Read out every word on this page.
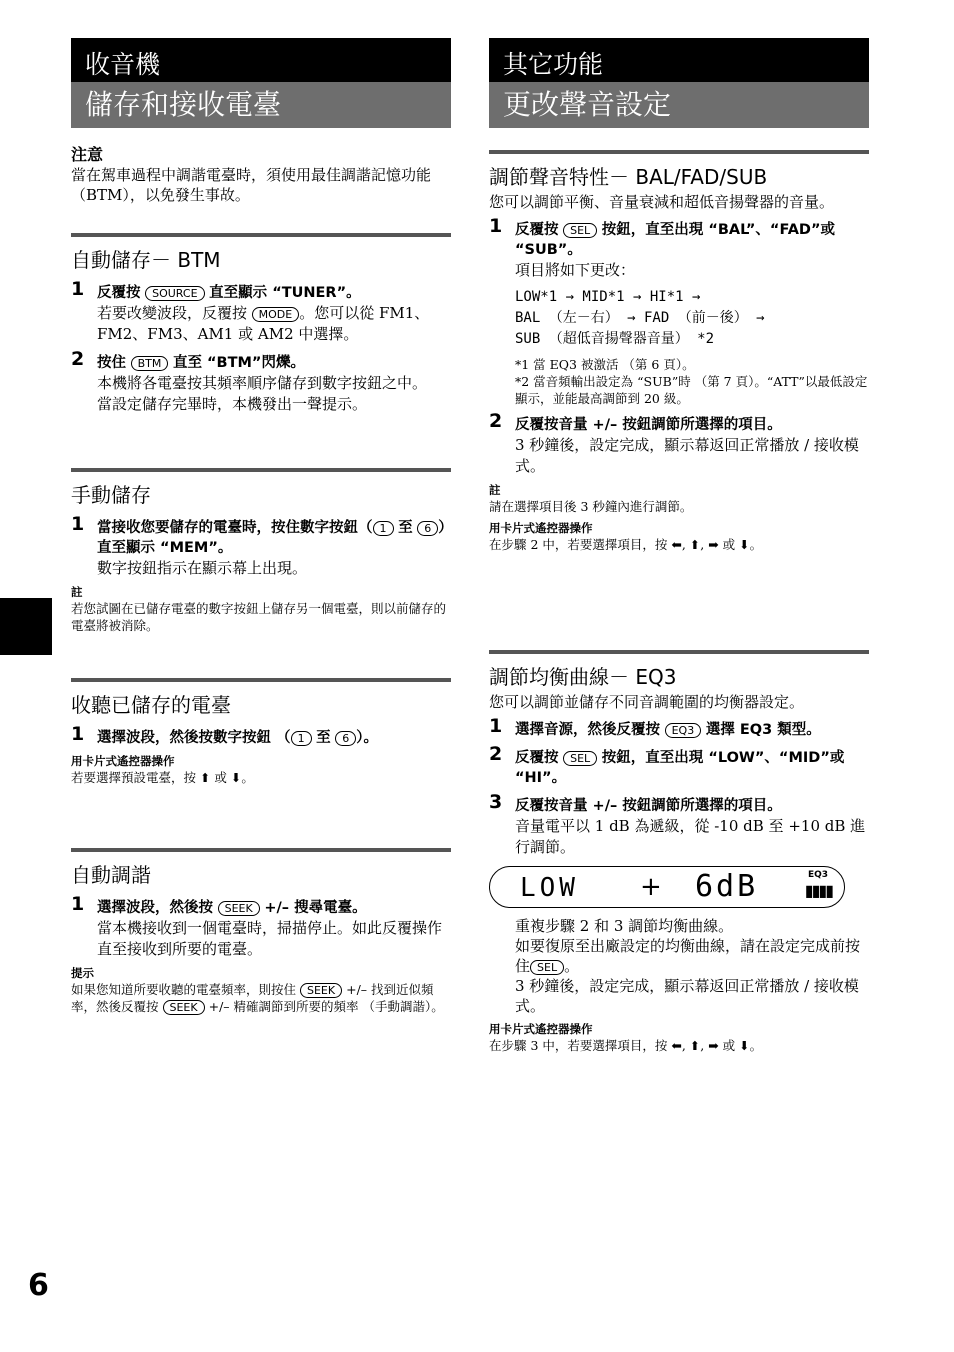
收音機
儲存和接收電臺
注意
當在駕車過程中調諧電臺時，須使用最佳調諧記憶功能 （BTM），以免發生事故。
自動儲存－ BTM
1 反覆按 SOURCE 直至顯示 “TUNER”。
若要改變波段，反覆按 MODE 。您可以從 FM1、FM2、FM3、AM1 或 AM2 中選擇。
2 按住 BTM 直至 “BTM”閃爍。
本機將各電臺按其頻率順序儲存到數字按鈕之中。
當設定儲存完畢時，本機發出一聲提示。
手動儲存
1 當接收您要儲存的電臺時，按住數字按鈕（ 1 至 6 ）直至顯示 “MEM”。
數字按鈕指示在顯示幕上出現。
註
若您試圖在已儲存電臺的數字按鈕上儲存另一個電臺，則以前儲存的電臺將被消除。
收聽已儲存的電臺
1 選擇波段，然後按數字按鈕 （ 1 至 6 ）。
用卡片式遙控器操作
若要選擇預設電臺，按 ⬆ 或 ⬇。
自動調諧
1 選擇波段，然後按 SEEK +/– 搜尋電臺。
當本機接收到一個電臺時，掃描停止。如此反覆操作直至接收到所要的電臺。
提示
如果您知道所要收聽的電臺頻率，則按住 SEEK +/– 找到近似頻率，然後反覆按 SEEK +/– 精確調節到所要的頻率 （手動調諧）。
其它功能
更改聲音設定
調節聲音特性－ BAL/FAD/SUB
您可以調節平衡、音量衰減和超低音揚聲器的音量。
1 反覆按 SEL 按鈕，直至出現 “BAL”、“FAD”或 “SUB”。
項目將如下更改：
LOW*1 → MID*1 → HI*1 →
BAL （左－右） → FAD （前－後） →
SUB （超低音揚聲器音量） *2
*1 當 EQ3 被激活 （第 6 頁）。
*2 當音頻輸出設定為 “SUB”時 （第 7 頁）。“ATT”以最低設定顯示，並能最高調節到 20 級。
2 反覆按音量 +/– 按鈕調節所選擇的項目。
3 秒鐘後，設定完成，顯示幕返回正常播放 / 接收模式。
註
請在選擇項目後 3 秒鐘內進行調節。
用卡片式遙控器操作
在步驟 2 中，若要選擇項目，按 ⬅, ⬆, ➡ 或 ⬇。
調節均衡曲線－ EQ3
您可以調節並儲存不同音調範圍的均衡器設定。
1 選擇音源，然後反覆按 EQ3 選擇 EQ3 類型。
2 反覆按 SEL 按鈕，直至出現 “LOW”、“MID”或 “HI”。
3 反覆按音量 +/– 按鈕調節所選擇的項目。
音量電平以 1 dB 為遞級，從 -10 dB 至 +10 dB 進行調節。
LOW + 6dB	EQ3
▮▮▮▮
重複步驟 2 和 3 調節均衡曲線。
如要復原至出廠設定的均衡曲線，請在設定完成前按住 SEL 。
3 秒鐘後，設定完成，顯示幕返回正常播放 / 接收模式。
用卡片式遙控器操作
在步驟 3 中，若要選擇項目，按 ⬅, ⬆, ➡ 或 ⬇。
6
